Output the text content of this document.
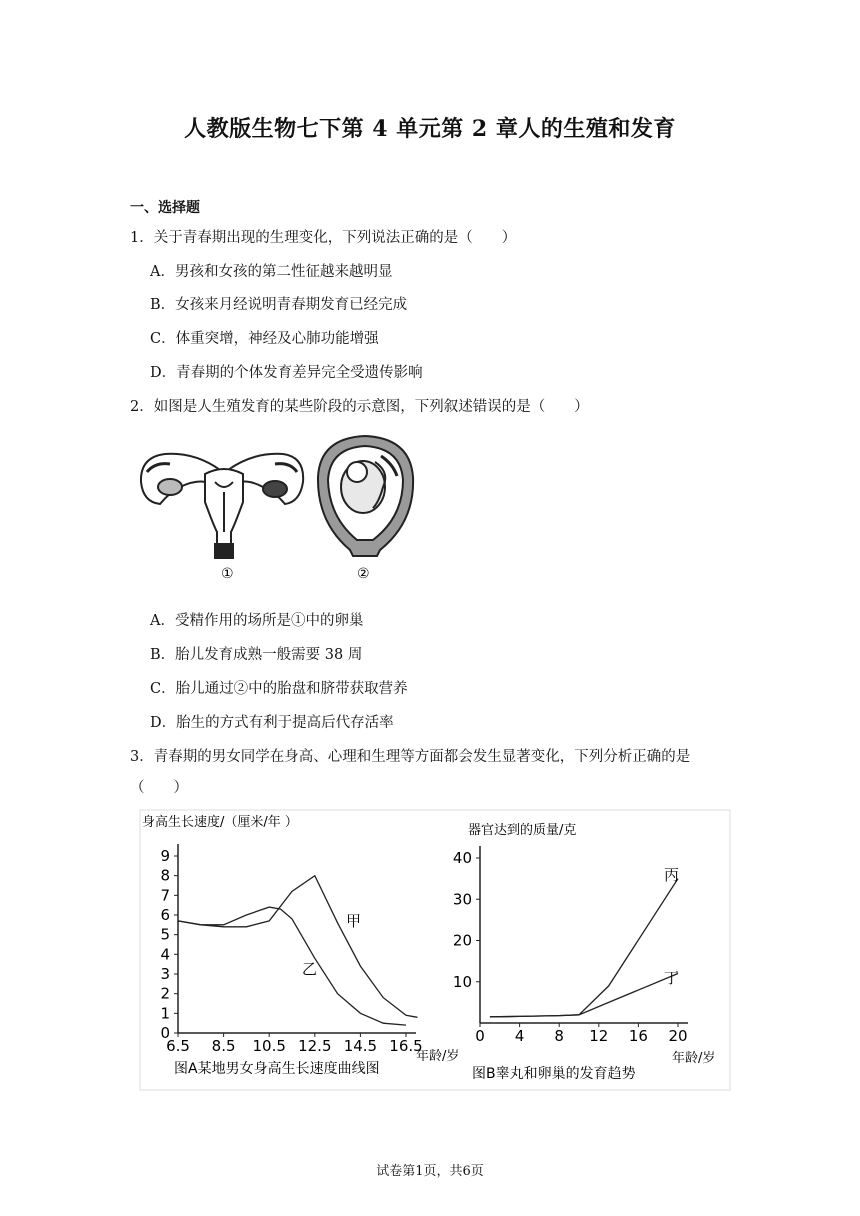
人教版生物七下第 4 单元第 2 章人的生殖和发育
一、选择题
1．关于青春期出现的生理变化，下列说法正确的是（　　）
A．男孩和女孩的第二性征越来越明显
B．女孩来月经说明青春期发育已经完成
C．体重突增，神经及心肺功能增强
D．青春期的个体发育差异完全受遗传影响
2．如图是人生殖发育的某些阶段的示意图，下列叙述错误的是（　　）
①	②
A．受精作用的场所是①中的卵巢
B．胎儿发育成熟一般需要 38 周
C．胎儿通过②中的胎盘和脐带获取营养
D．胎生的方式有利于提高后代存活率
3．青春期的男女同学在身高、心理和生理等方面都会发生显著变化，下列分析正确的是
（　　）
身高生长速度/（厘米/年 ）
0
1
2
3
4
5
6
7
8
9
6.5 8.5 10.5 12.5 14.5 16.5
甲
乙
年龄/岁
图A某地男女身高生长速度曲线图
器官达到的质量/克
10
20
30
40
0 4 8 12 16 20
丙
丁
年龄/岁
图B睾丸和卵巢的发育趋势
试卷第1页，共6页
